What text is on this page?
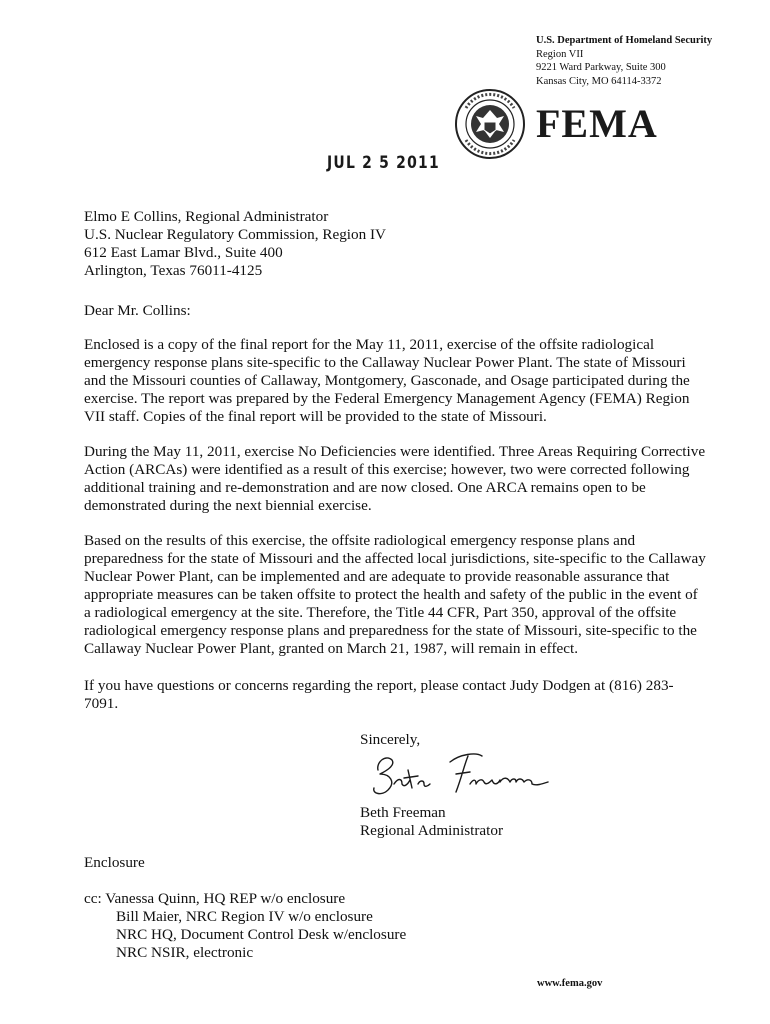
U.S. Department of Homeland Security
Region VII
9221 Ward Parkway, Suite 300
Kansas City, MO 64114-3372
FEMA
JUL 2 5 2011
Elmo E Collins, Regional Administrator
U.S. Nuclear Regulatory Commission, Region IV
612 East Lamar Blvd., Suite 400
Arlington, Texas 76011-4125
Dear Mr. Collins:
Enclosed is a copy of the final report for the May 11, 2011, exercise of the offsite radiological emergency response plans site-specific to the Callaway Nuclear Power Plant. The state of Missouri and the Missouri counties of Callaway, Montgomery, Gasconade, and Osage participated during the exercise. The report was prepared by the Federal Emergency Management Agency (FEMA) Region VII staff. Copies of the final report will be provided to the state of Missouri.
During the May 11, 2011, exercise No Deficiencies were identified. Three Areas Requiring Corrective Action (ARCAs) were identified as a result of this exercise; however, two were corrected following additional training and re-demonstration and are now closed. One ARCA remains open to be demonstrated during the next biennial exercise.
Based on the results of this exercise, the offsite radiological emergency response plans and preparedness for the state of Missouri and the affected local jurisdictions, site-specific to the Callaway Nuclear Power Plant, can be implemented and are adequate to provide reasonable assurance that appropriate measures can be taken offsite to protect the health and safety of the public in the event of a radiological emergency at the site. Therefore, the Title 44 CFR, Part 350, approval of the offsite radiological emergency response plans and preparedness for the state of Missouri, site-specific to the Callaway Nuclear Power Plant, granted on March 21, 1987, will remain in effect.
If you have questions or concerns regarding the report, please contact Judy Dodgen at (816) 283-7091.
Sincerely,
Beth Freeman
Regional Administrator
Enclosure
cc: Vanessa Quinn, HQ REP w/o enclosure
Bill Maier, NRC Region IV w/o enclosure
NRC HQ, Document Control Desk w/enclosure
NRC NSIR, electronic
www.fema.gov
